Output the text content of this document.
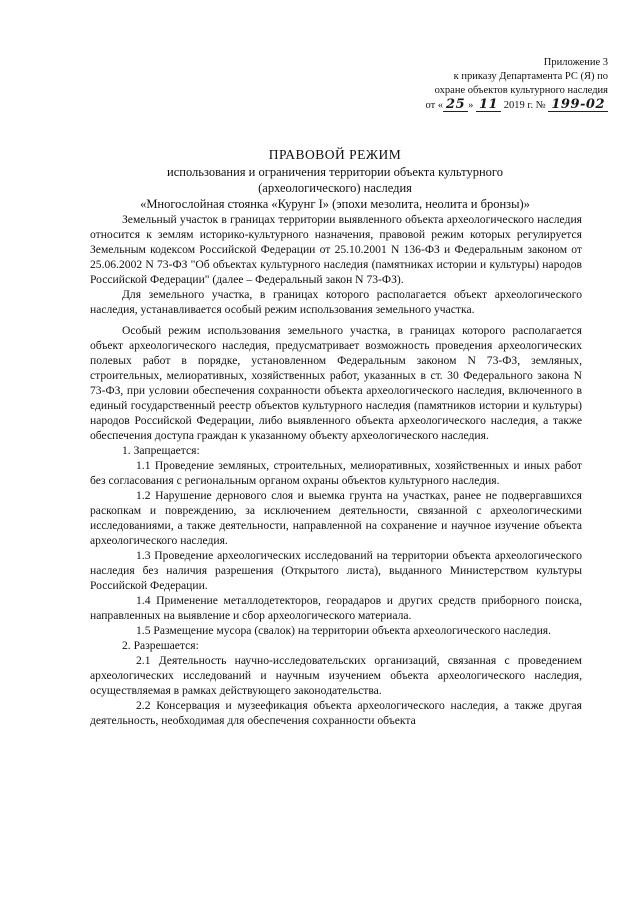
Приложение 3
к приказу Департамента РС (Я) по
охране объектов культурного наследия
от « 25 » 11 2019 г. № 199-02
ПРАВОВОЙ РЕЖИМ
использования и ограничения территории объекта культурного
(археологического) наследия
«Многослойная стоянка «Курунг I» (эпохи мезолита, неолита и бронзы)»

Земельный участок в границах территории выявленного объекта археологического наследия относится к землям историко-культурного назначения, правовой режим которых регулируется Земельным кодексом Российской Федерации от 25.10.2001 N 136-ФЗ и Федеральным законом от 25.06.2002 N 73-ФЗ "Об объектах культурного наследия (памятниках истории и культуры) народов Российской Федерации" (далее – Федеральный закон N 73-ФЗ).

Для земельного участка, в границах которого располагается объект археологического наследия, устанавливается особый режим использования земельного участка.

Особый режим использования земельного участка, в границах которого располагается объект археологического наследия, предусматривает возможность проведения археологических полевых работ в порядке, установленном Федеральным законом N 73-ФЗ, земляных, строительных, мелиоративных, хозяйственных работ, указанных в ст. 30 Федерального закона N 73-ФЗ, при условии обеспечения сохранности объекта археологического наследия, включенного в единый государственный реестр объектов культурного наследия (памятников истории и культуры) народов Российской Федерации, либо выявленного объекта археологического наследия, а также обеспечения доступа граждан к указанному объекту археологического наследия.

1. Запрещается:

1.1 Проведение земляных, строительных, мелиоративных, хозяйственных и иных работ без согласования с региональным органом охраны объектов культурного наследия.

1.2 Нарушение дернового слоя и выемка грунта на участках, ранее не подвергавшихся раскопкам и повреждению, за исключением деятельности, связанной с археологическими исследованиями, а также деятельности, направленной на сохранение и научное изучение объекта археологического наследия.

1.3 Проведение археологических исследований на территории объекта археологического наследия без наличия разрешения (Открытого листа), выданного Министерством культуры Российской Федерации.

1.4 Применение металлодетекторов, георадаров и других средств приборного поиска, направленных на выявление и сбор археологического материала.

1.5 Размещение мусора (свалок) на территории объекта археологического наследия.

2. Разрешается:

2.1 Деятельность научно-исследовательских организаций, связанная с проведением археологических исследований и научным изучением объекта археологического наследия, осуществляемая в рамках действующего законодательства.

2.2 Консервация и музеефикация объекта археологического наследия, а также другая деятельность, необходимая для обеспечения сохранности объекта
